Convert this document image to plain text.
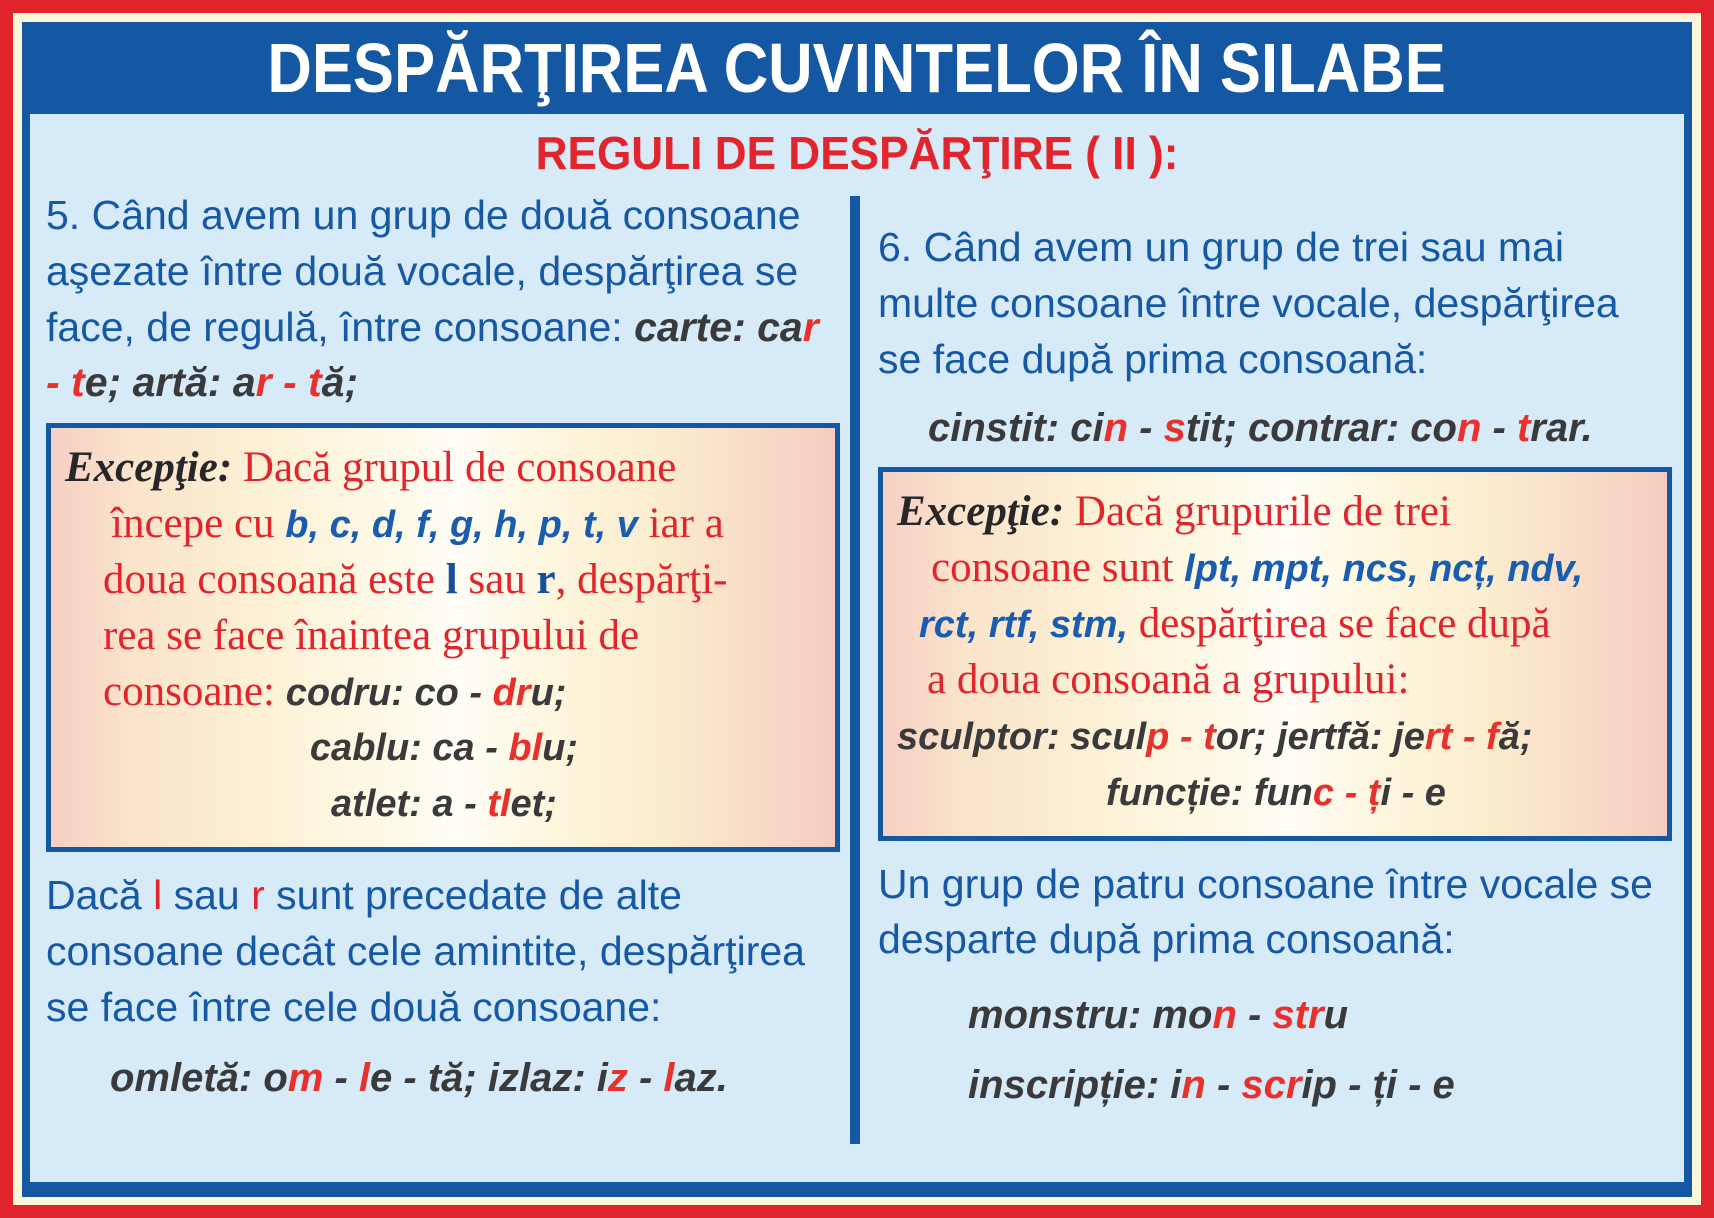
DESPĂRŢIREA CUVINTELOR ÎN SILABE
REGULI DE DESPĂRŢIRE ( II ):

5. Când avem un grup de două consoane aşezate între două vocale, despărţirea se face, de regulă, între consoane: carte: car - te; artă: ar - tă;

Excepţie: Dacă grupul de consoane
începe cu b, c, d, f, g, h, p, t, v iar a
doua consoană este l sau r, despărţi-
rea se face înaintea grupului de
consoane: codru: co - dru;
cablu: ca - blu;
atlet: a - tlet;

Dacă l sau r sunt precedate de alte consoane decât cele amintite, despărţirea se face între cele două consoane:

omletă: om - le - tă; izlaz: iz - laz.

6. Când avem un grup de trei sau mai multe consoane între vocale, despărţirea se face după prima consoană:

cinstit: cin - stit; contrar: con - trar.
Excepţie: Dacă grupurile de trei
consoane sunt lpt, mpt, ncs, ncț, ndv,
rct, rtf, stm, despărţirea se face după
a doua consoană a grupului:
sculptor: sculp - tor; jertfă: jert - fă;
funcție: func - ți - e

Un grup de patru consoane între vocale se desparte după prima consoană:

monstru: mon - stru
inscripție: in - scrip - ți - e
